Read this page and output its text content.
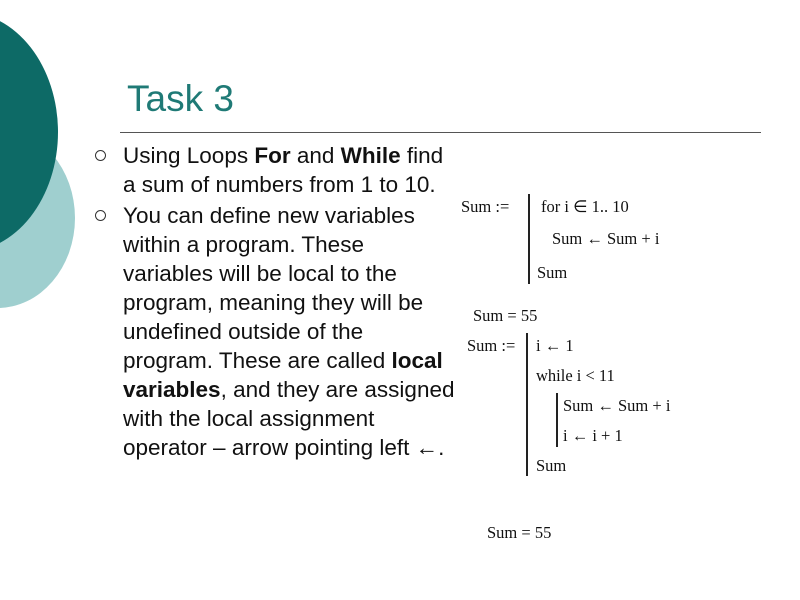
Task 3
Using Loops For and While find a sum of numbers from 1 to 10.
You can define new variables within a program. These variables will be local to the program, meaning they will be undefined outside of the program. These are called local variables, and they are assigned with the local assignment operator – arrow pointing left ←.
Sum := for i ∈ 1.. 10
Sum ← Sum + i
Sum
Sum = 55
Sum := i ← 1
while i < 11
Sum ← Sum + i
i ← i + 1
Sum
Sum = 55
